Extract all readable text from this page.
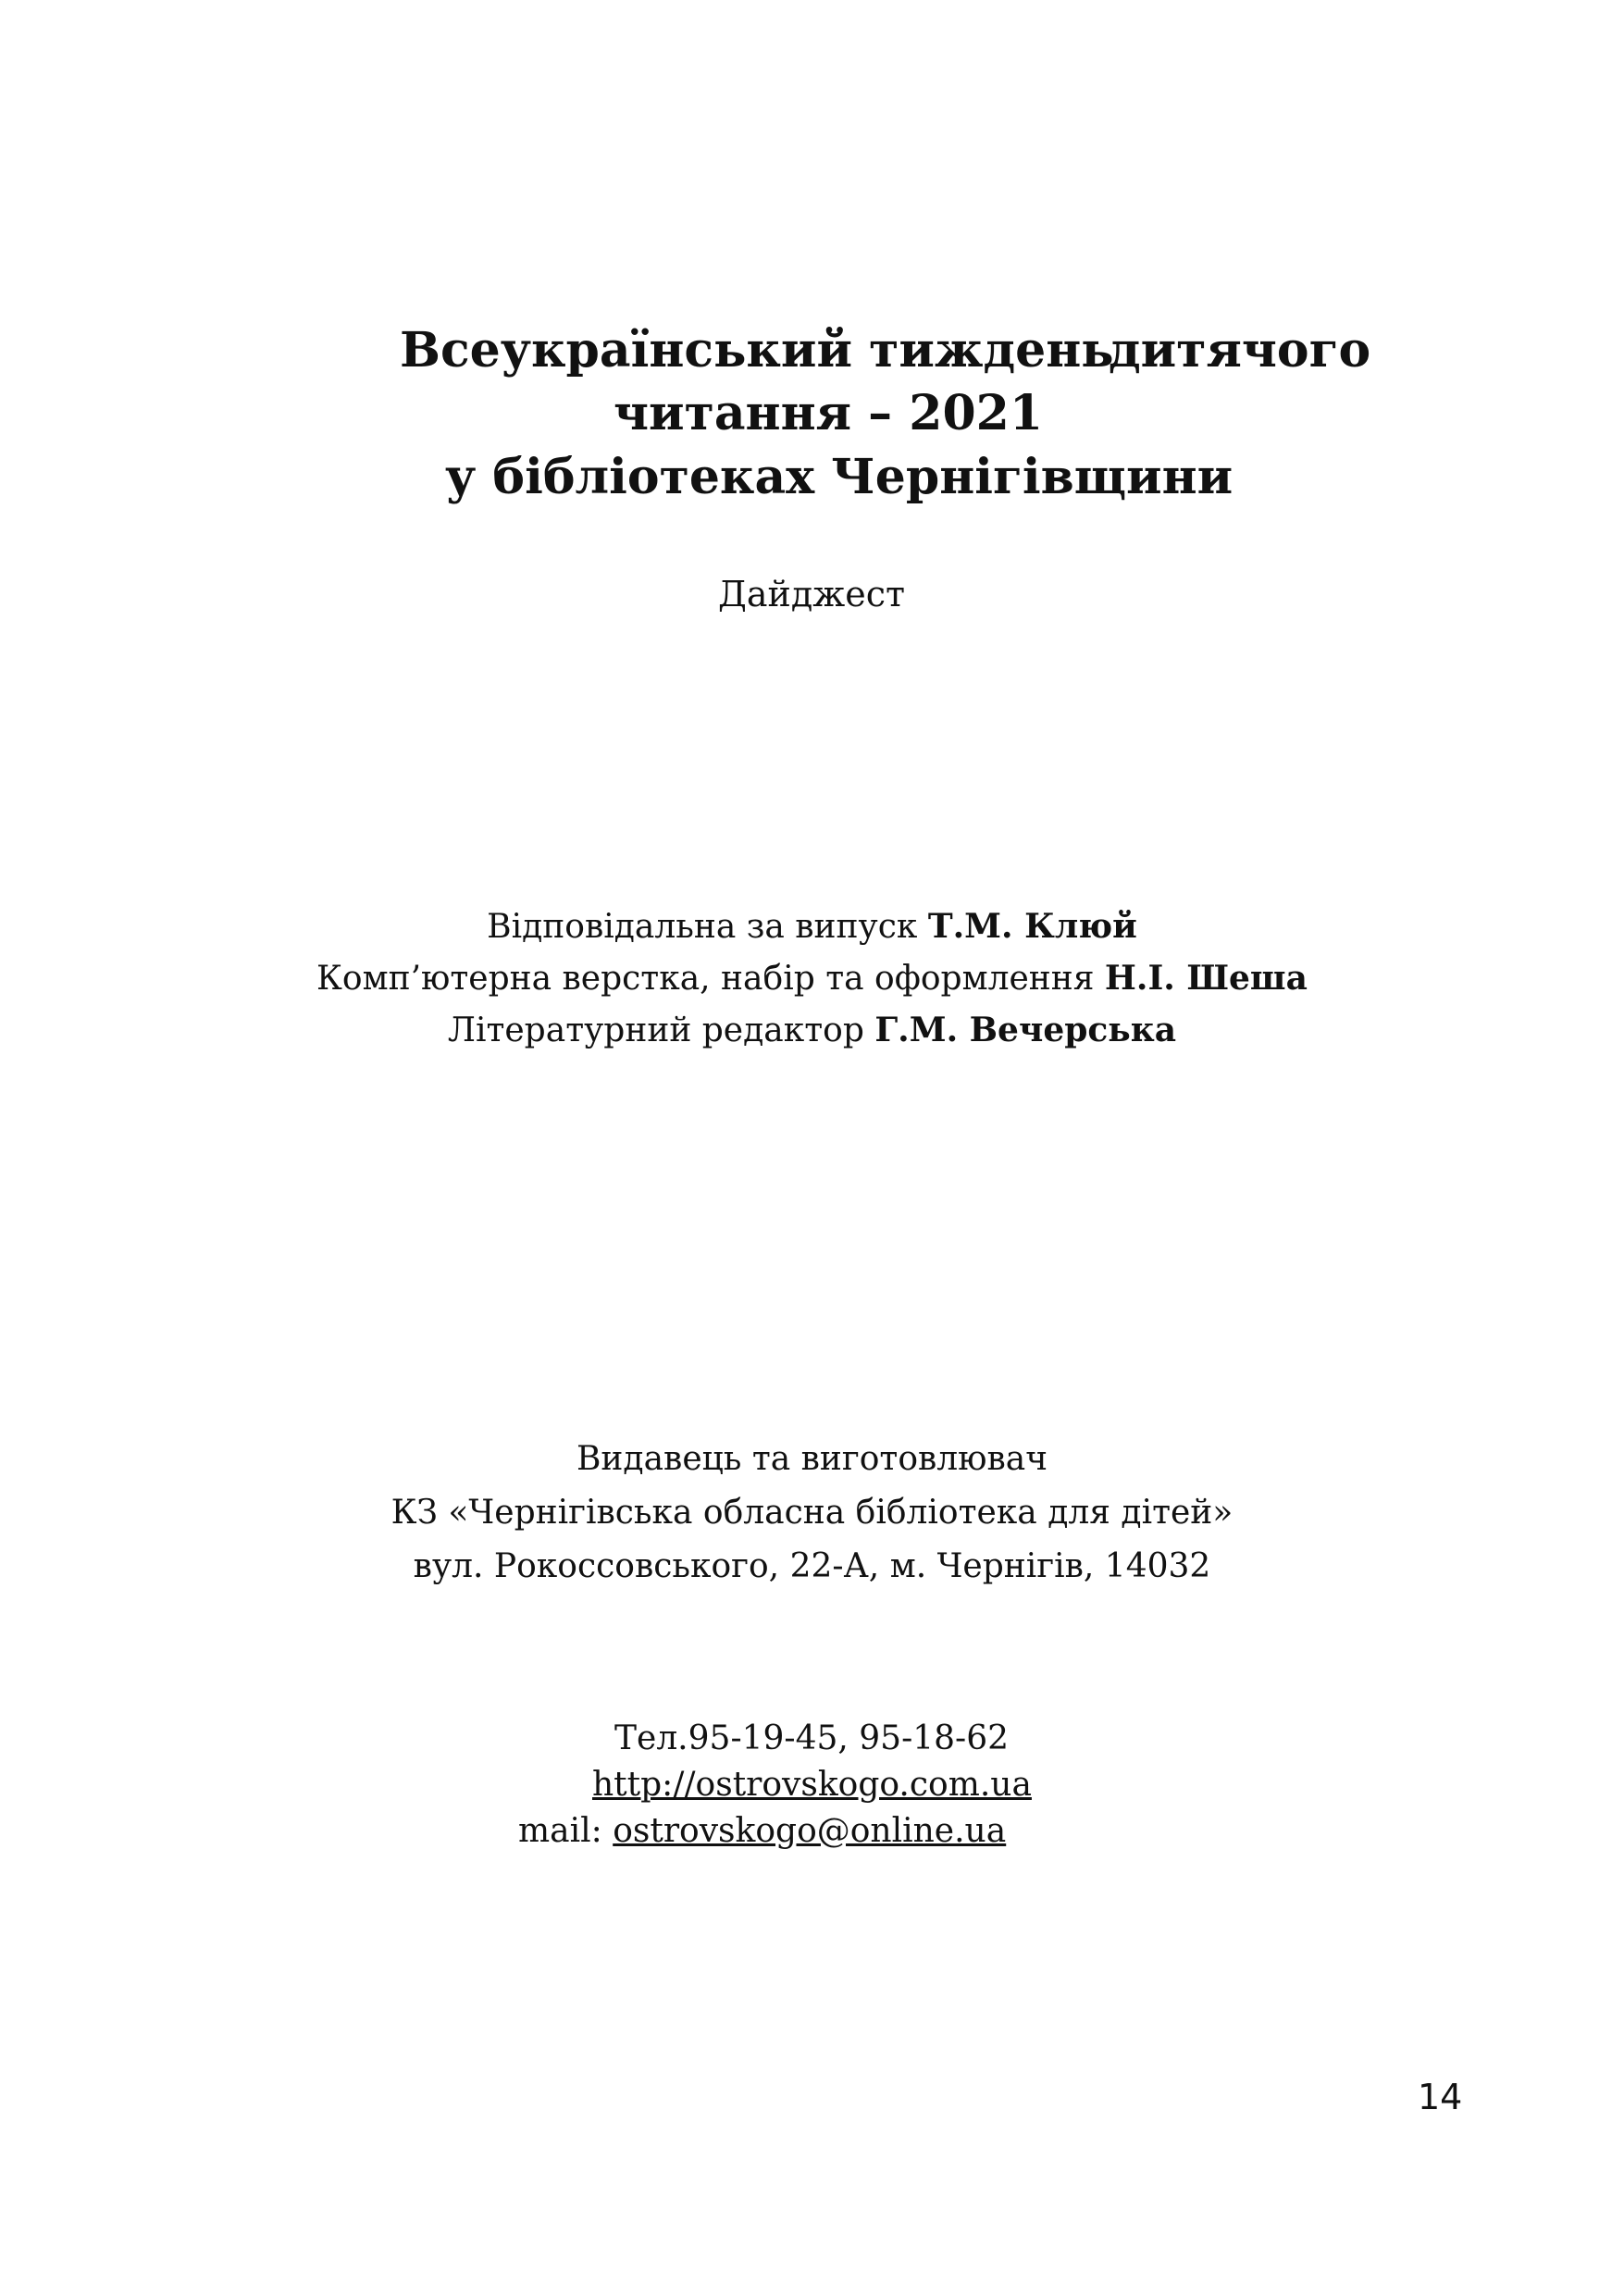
Всеукраїнський тиждень
дитячого
читання – 2021
у бібліотеках Чернігівщини
Дайджест
Відповідальна за випуск Т.М. Клюй
Комп’ютерна верстка, набір та оформлення Н.І. Шеша
Літературний редактор Г.М. Вечерська
Видавець та виготовлювач
КЗ «Чернігівська обласна бібліотека для дітей»
вул. Рокоссовського, 22-А, м. Чернігів, 14032
Тел.95-19-45, 95-18-62
http://ostrovskogo.com.ua
mail: ostrovskogo@online.ua
14
